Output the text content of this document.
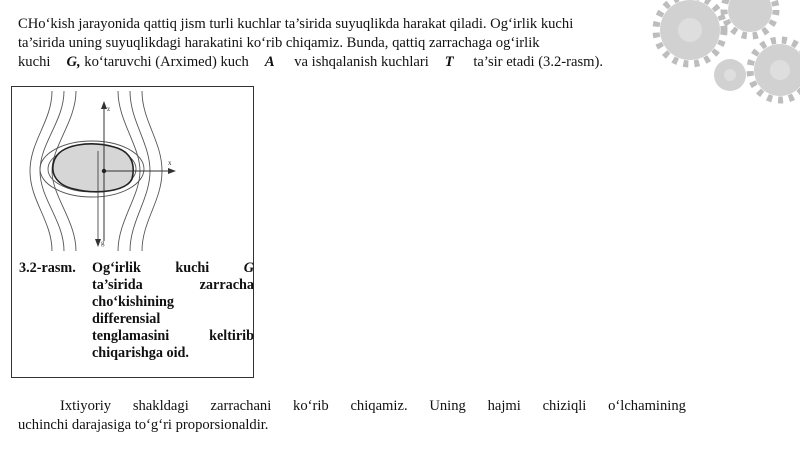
CHo‘kish jarayonida qattiq jism turli kuchlar ta’sirida suyuqlikda harakat qiladi. Og‘irlik kuchi
ta’sirida uning suyuqlikdagi harakatini ko‘rib chiqamiz. Bunda, qattiq zarrachaga og‘irlik
kuchi G, ko‘taruvchi (Arximed) kuch A va ishqalanish kuchlari T ta’sir etadi (3.2-rasm).
z
x
g
3.2-rasm. Og‘irlik kuchi G
ta’sirida	zarracha
cho‘kishining
differensial
tenglamasini	keltirib
chiqarishga oid.
Ixtiyoriy shakldagi zarrachani ko‘rib chiqamiz. Uning hajmi chiziqli o‘lchamining
uchinchi darajasiga to‘g‘ri proporsionaldir.
